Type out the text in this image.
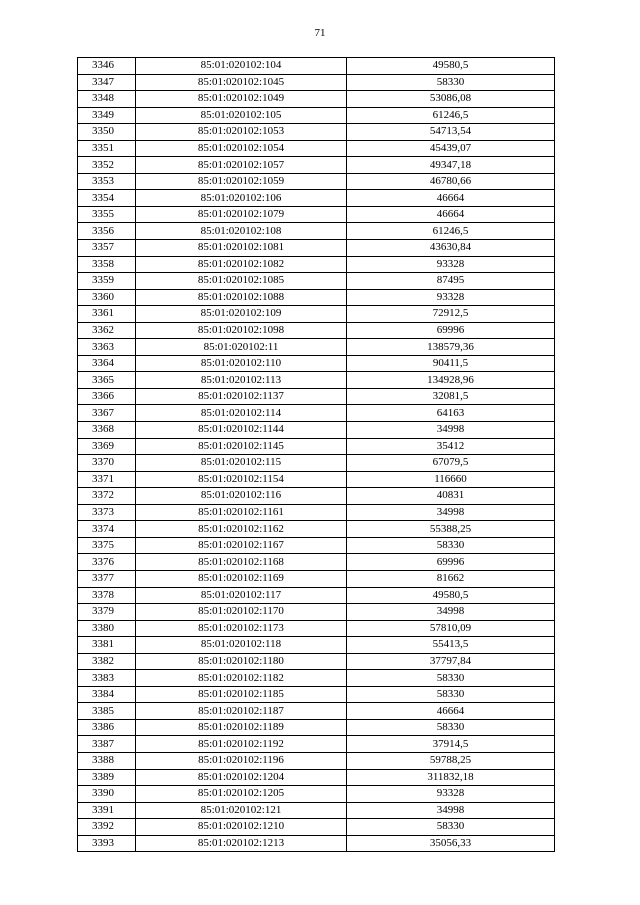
71
3346	85:01:020102:104	49580,5
3347	85:01:020102:1045	58330
3348	85:01:020102:1049	53086,08
3349	85:01:020102:105	61246,5
3350	85:01:020102:1053	54713,54
3351	85:01:020102:1054	45439,07
3352	85:01:020102:1057	49347,18
3353	85:01:020102:1059	46780,66
3354	85:01:020102:106	46664
3355	85:01:020102:1079	46664
3356	85:01:020102:108	61246,5
3357	85:01:020102:1081	43630,84
3358	85:01:020102:1082	93328
3359	85:01:020102:1085	87495
3360	85:01:020102:1088	93328
3361	85:01:020102:109	72912,5
3362	85:01:020102:1098	69996
3363	85:01:020102:11	138579,36
3364	85:01:020102:110	90411,5
3365	85:01:020102:113	134928,96
3366	85:01:020102:1137	32081,5
3367	85:01:020102:114	64163
3368	85:01:020102:1144	34998
3369	85:01:020102:1145	35412
3370	85:01:020102:115	67079,5
3371	85:01:020102:1154	116660
3372	85:01:020102:116	40831
3373	85:01:020102:1161	34998
3374	85:01:020102:1162	55388,25
3375	85:01:020102:1167	58330
3376	85:01:020102:1168	69996
3377	85:01:020102:1169	81662
3378	85:01:020102:117	49580,5
3379	85:01:020102:1170	34998
3380	85:01:020102:1173	57810,09
3381	85:01:020102:118	55413,5
3382	85:01:020102:1180	37797,84
3383	85:01:020102:1182	58330
3384	85:01:020102:1185	58330
3385	85:01:020102:1187	46664
3386	85:01:020102:1189	58330
3387	85:01:020102:1192	37914,5
3388	85:01:020102:1196	59788,25
3389	85:01:020102:1204	311832,18
3390	85:01:020102:1205	93328
3391	85:01:020102:121	34998
3392	85:01:020102:1210	58330
3393	85:01:020102:1213	35056,33
